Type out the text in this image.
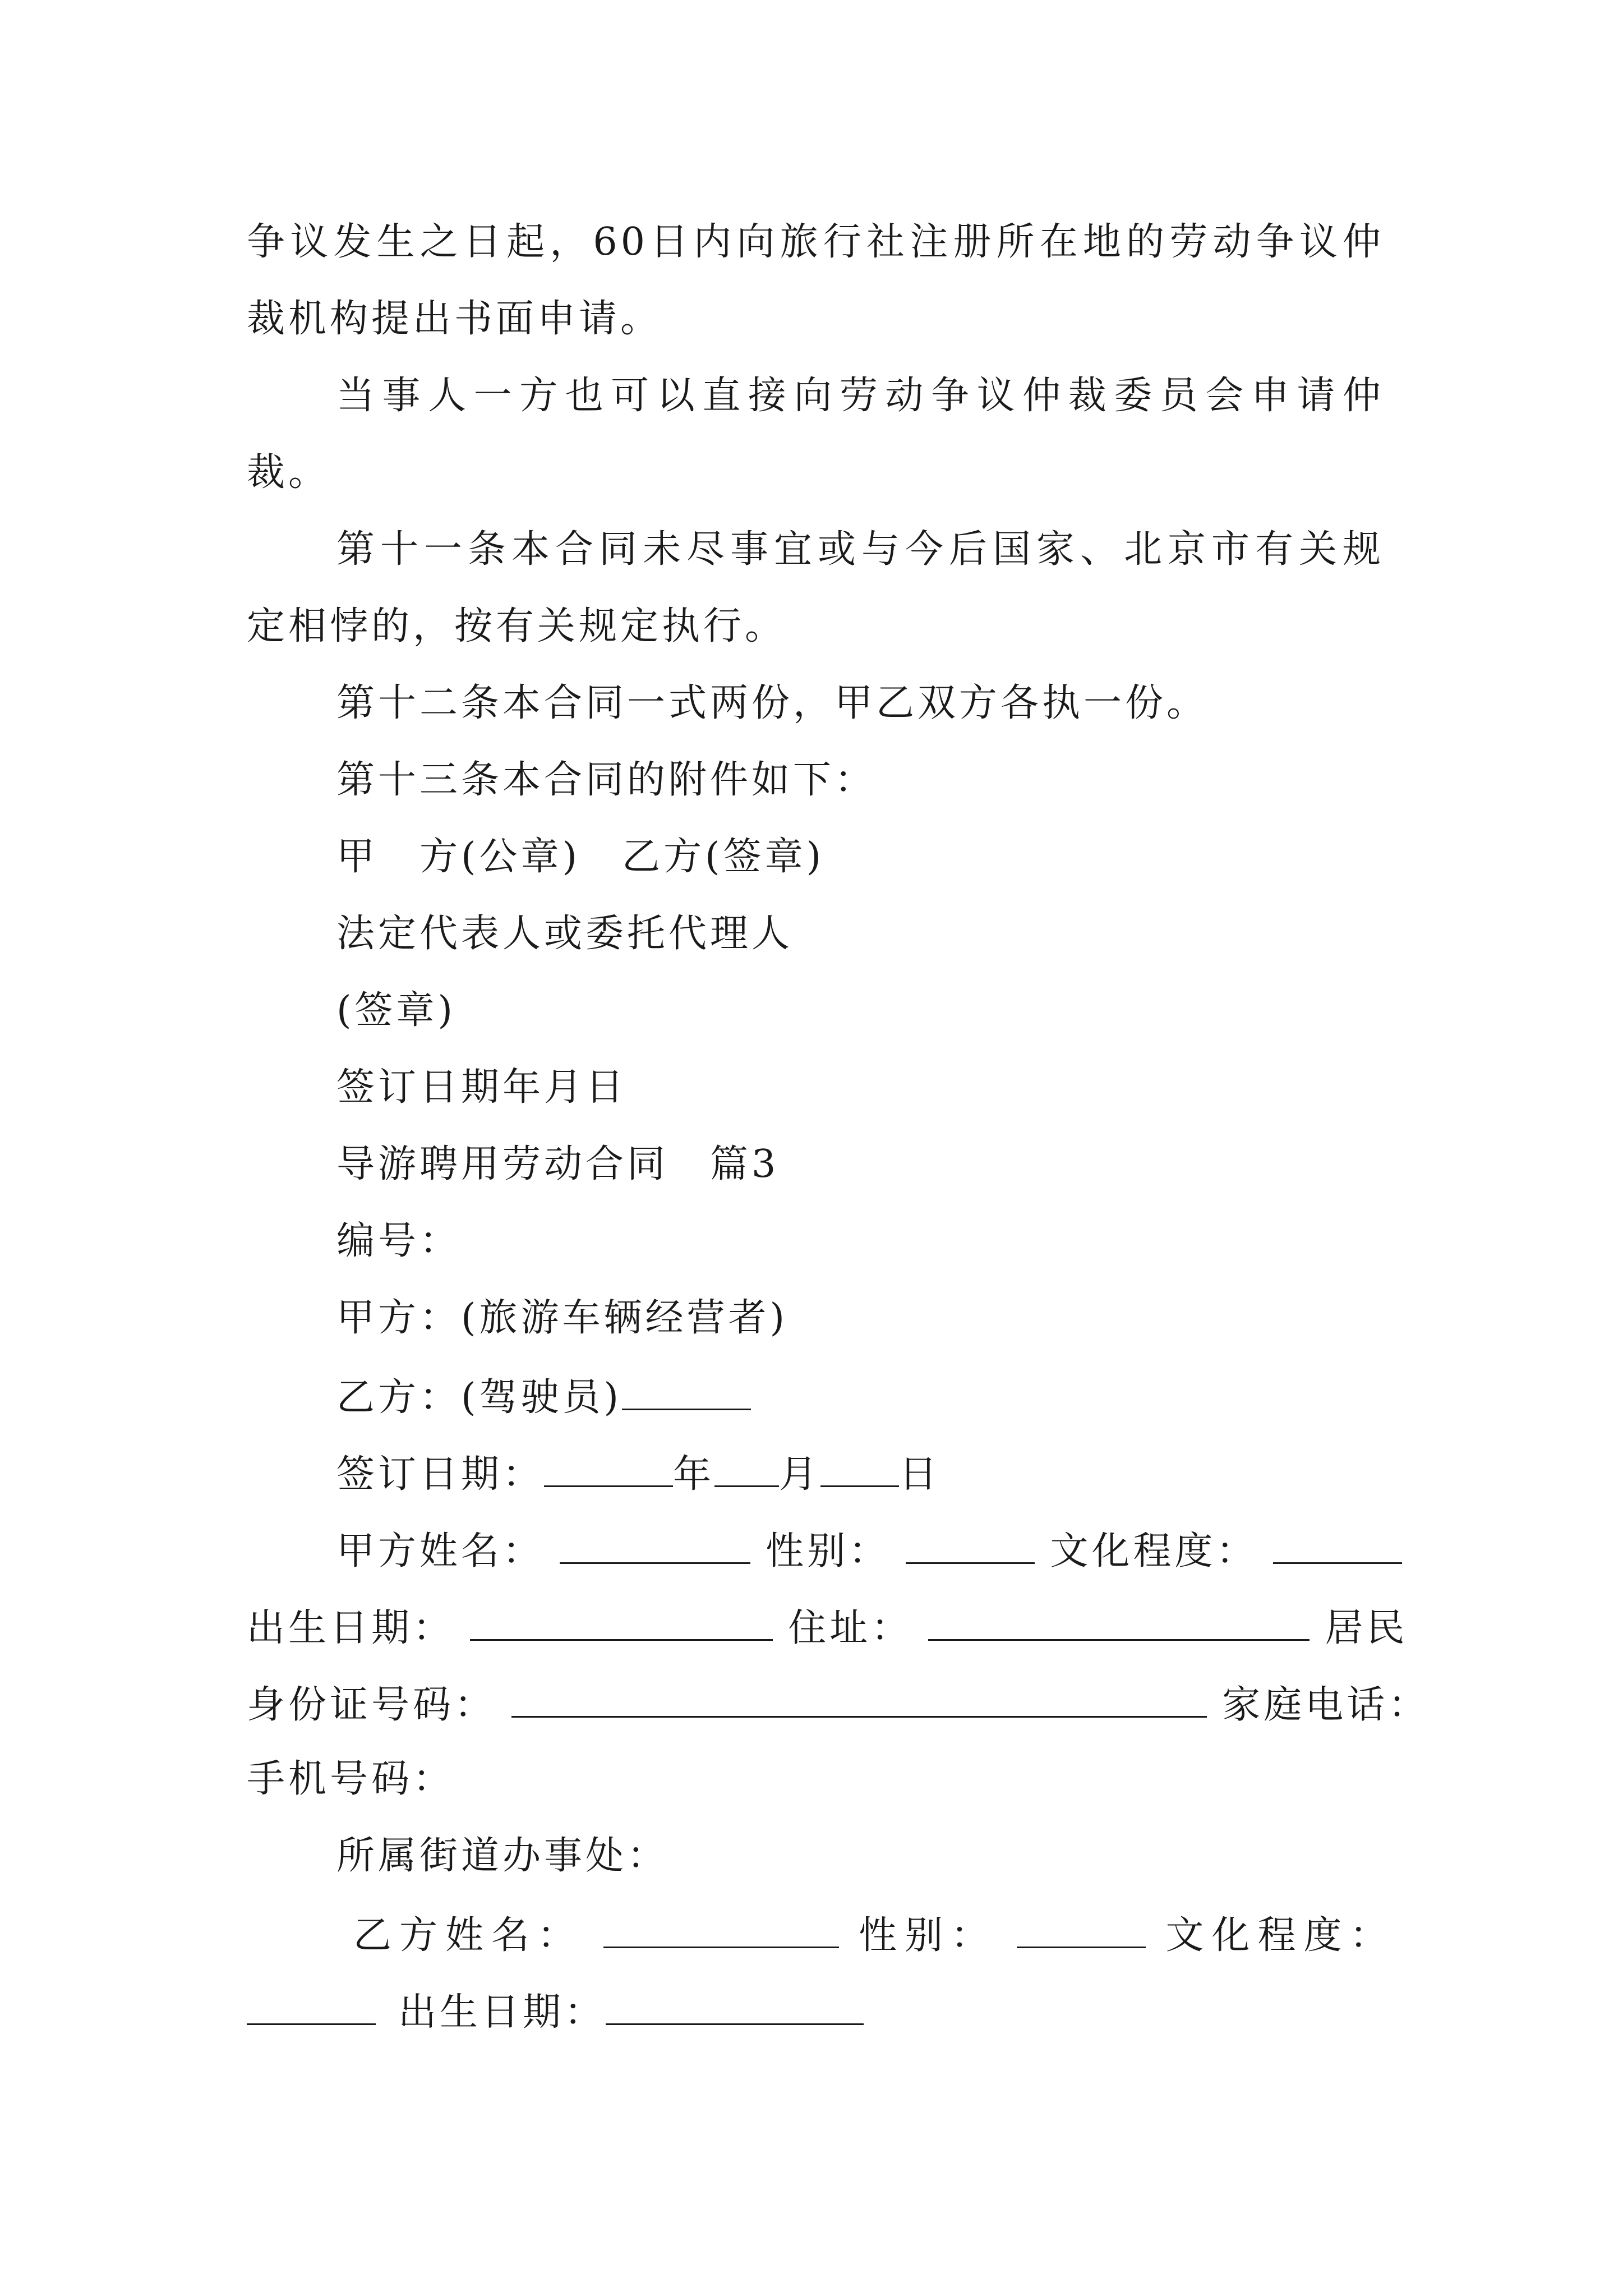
争议发生之日起，60日内向旅行社注册所在地的劳动争议仲
裁机构提出书面申请。
当事人一方也可以直接向劳动争议仲裁委员会申请仲
裁。
第十一条本合同未尽事宜或与今后国家、北京市有关规
定相悖的，按有关规定执行。
第十二条本合同一式两份，甲乙双方各执一份。
第十三条本合同的附件如下：
甲　方(公章)　乙方(签章)
法定代表人或委托代理人
(签章)
签订日期年月日
导游聘用劳动合同　篇3
编号：
甲方：(旅游车辆经营者)
乙方：(驾驶员)
签订日期：	年 月 日
甲方姓名：	性别：	文化程度：
出生日期：	住址：	居民
身份证号码：	家庭电话：
手机号码：
所属街道办事处：
乙方姓名：	性别：	文化程度：
出生日期：
